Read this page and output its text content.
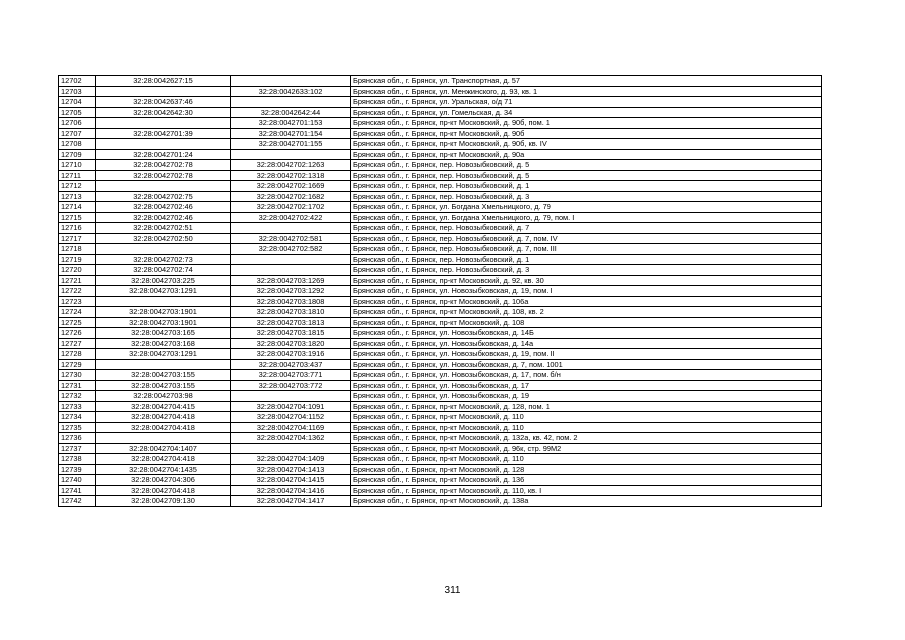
12702	32:28:0042627:15		Брянская обл., г. Брянск, ул. Транспортная, д. 57
12703		32:28:0042633:102	Брянская обл., г. Брянск, ул. Менжинского, д. 93, кв. 1
12704	32:28:0042637:46		Брянская обл., г. Брянск, ул. Уральская, о/д 71
12705	32:28:0042642:30	32:28:0042642:44	Брянская обл., г. Брянск, ул. Гомельская, д. 34
12706		32:28:0042701:153	Брянская обл., г. Брянск, пр-кт Московский, д. 90б, пом. 1
12707	32:28:0042701:39	32:28:0042701:154	Брянская обл., г. Брянск, пр-кт Московский, д. 90б
12708		32:28:0042701:155	Брянская обл., г. Брянск, пр-кт Московский, д. 90б, кв. IV
12709	32:28:0042701:24		Брянская обл., г. Брянск, пр-кт Московский, д. 90а
12710	32:28:0042702:78	32:28:0042702:1263	Брянская обл., г. Брянск, пер. Новозыбковский, д. 5
12711	32:28:0042702:78	32:28:0042702:1318	Брянская обл., г. Брянск, пер. Новозыбковский, д. 5
12712		32:28:0042702:1669	Брянская обл., г. Брянск, пер. Новозыбковский, д. 1
12713	32:28:0042702:75	32:28:0042702:1682	Брянская обл., г. Брянск, пер. Новозыбковский, д. 3
12714	32:28:0042702:46	32:28:0042702:1702	Брянская обл., г. Брянск, ул. Богдана Хмельницкого, д. 79
12715	32:28:0042702:46	32:28:0042702:422	Брянская обл., г. Брянск, ул. Богдана Хмельницкого, д. 79, пом. I
12716	32:28:0042702:51		Брянская обл., г. Брянск, пер. Новозыбковский, д. 7
12717	32:28:0042702:50	32:28:0042702:581	Брянская обл., г. Брянск, пер. Новозыбковский, д. 7, пом. IV
12718		32:28:0042702:582	Брянская обл., г. Брянск, пер. Новозыбковский, д. 7, пом. III
12719	32:28:0042702:73		Брянская обл., г. Брянск, пер. Новозыбковский, д. 1
12720	32:28:0042702:74		Брянская обл., г. Брянск, пер. Новозыбковский, д. 3
12721	32:28:0042703:225	32:28:0042703:1269	Брянская обл., г. Брянск, пр-кт Московский, д. 92, кв. 30
12722	32:28:0042703:1291	32:28:0042703:1292	Брянская обл., г. Брянск, ул. Новозыбковская, д. 19, пом. I
12723		32:28:0042703:1808	Брянская обл., г. Брянск, пр-кт Московский, д. 106а
12724	32:28:0042703:1901	32:28:0042703:1810	Брянская обл., г. Брянск, пр-кт Московский, д. 108, кв. 2
12725	32:28:0042703:1901	32:28:0042703:1813	Брянская обл., г. Брянск, пр-кт Московский, д. 108
12726	32:28:0042703:165	32:28:0042703:1815	Брянская обл., г. Брянск, ул. Новозыбковская, д. 14Б
12727	32:28:0042703:168	32:28:0042703:1820	Брянская обл., г. Брянск, ул. Новозыбковская, д. 14а
12728	32:28:0042703:1291	32:28:0042703:1916	Брянская обл., г. Брянск, ул. Новозыбковская, д. 19, пом. II
12729		32:28:0042703:437	Брянская обл., г. Брянск, ул. Новозыбковская, д. 7, пом. 1001
12730	32:28:0042703:155	32:28:0042703:771	Брянская обл., г. Брянск, ул. Новозыбковская, д. 17, пом. б/н
12731	32:28:0042703:155	32:28:0042703:772	Брянская обл., г. Брянск, ул. Новозыбковская, д. 17
12732	32:28:0042703:98		Брянская обл., г. Брянск, ул. Новозыбковская, д. 19
12733	32:28:0042704:415	32:28:0042704:1091	Брянская обл., г. Брянск, пр-кт Московский, д. 128, пом. 1
12734	32:28:0042704:418	32:28:0042704:1152	Брянская обл., г. Брянск, пр-кт Московский, д. 110
12735	32:28:0042704:418	32:28:0042704:1169	Брянская обл., г. Брянск, пр-кт Московский, д. 110
12736		32:28:0042704:1362	Брянская обл., г. Брянск, пр-кт Московский, д. 132а, кв. 42, пом. 2
12737	32:28:0042704:1407		Брянская обл., г. Брянск, пр-кт Московский, д. 96к, стр. 99М2
12738	32:28:0042704:418	32:28:0042704:1409	Брянская обл., г. Брянск, пр-кт Московский, д. 110
12739	32:28:0042704:1435	32:28:0042704:1413	Брянская обл., г. Брянск, пр-кт Московский, д. 128
12740	32:28:0042704:306	32:28:0042704:1415	Брянская обл., г. Брянск, пр-кт Московский, д. 136
12741	32:28:0042704:418	32:28:0042704:1416	Брянская обл., г. Брянск, пр-кт Московский, д. 110, кв. I
12742	32:28:0042709:130	32:28:0042704:1417	Брянская обл., г. Брянск, пр-кт Московский, д. 138а
311
